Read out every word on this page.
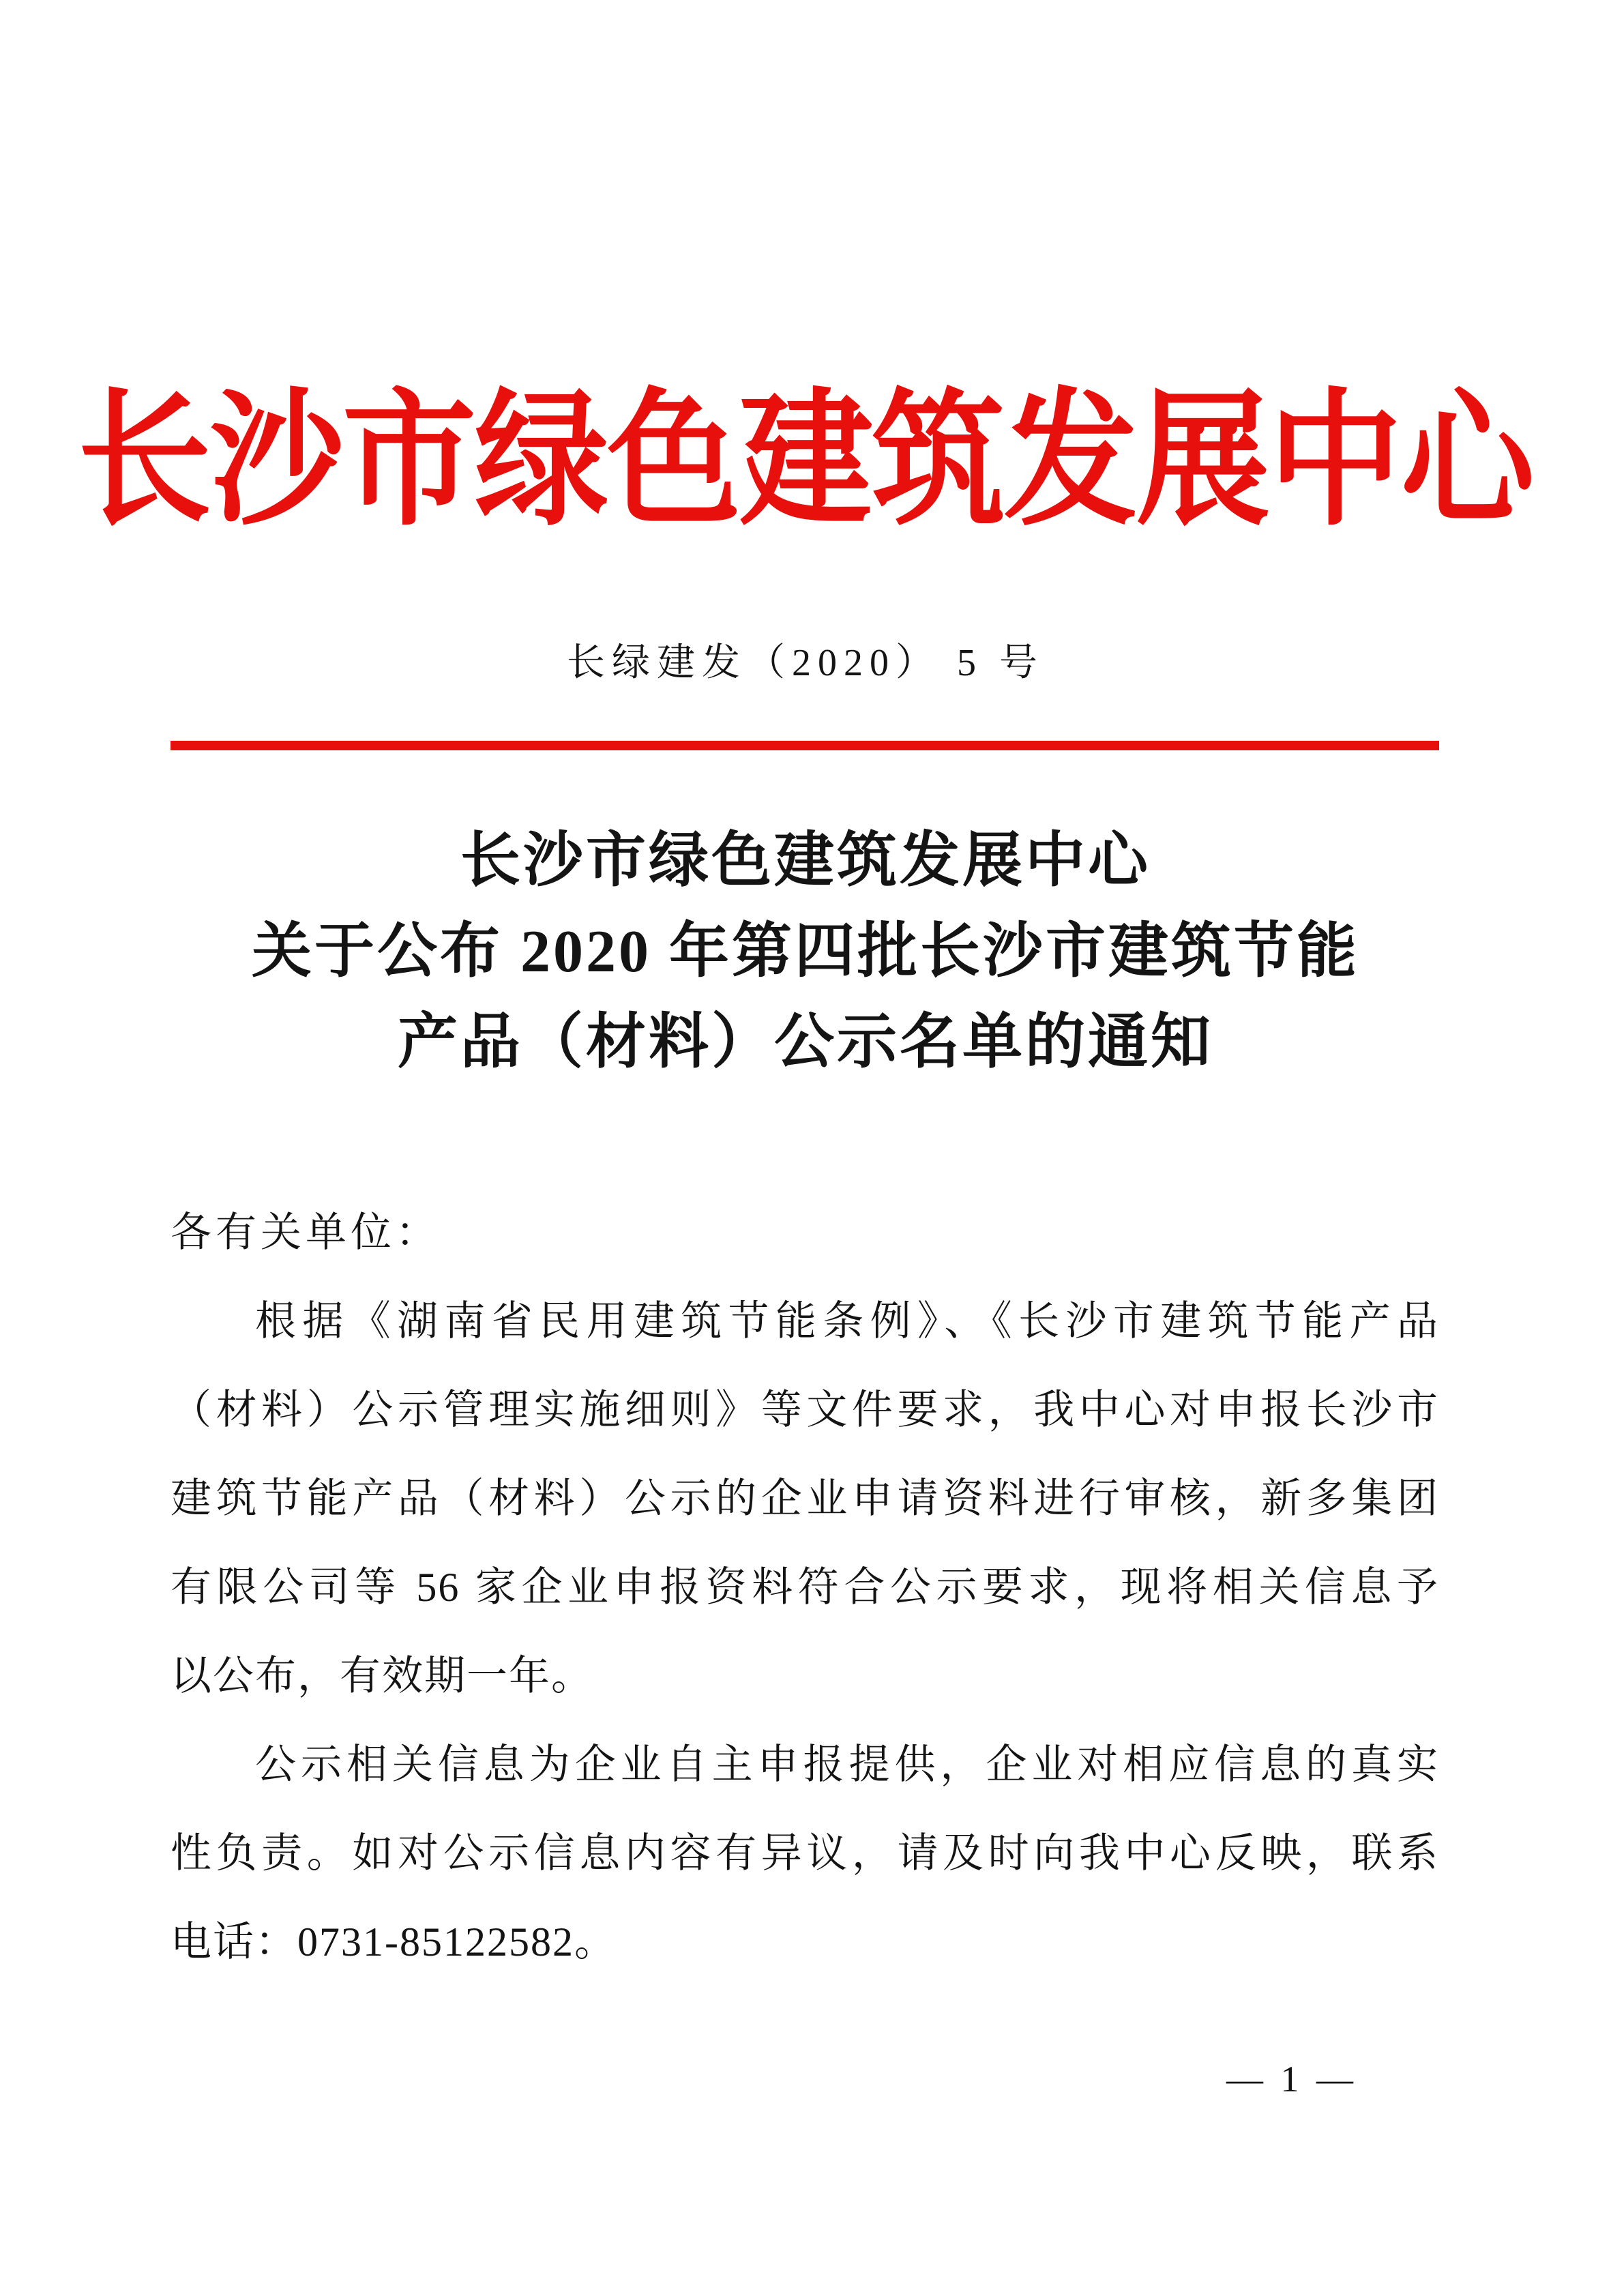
长沙市绿色建筑发展中心
长绿建发（2020） 5 号
长沙市绿色建筑发展中心
关于公布 2020 年第四批长沙市建筑节能
产品（材料）公示名单的通知

各有关单位：

根据《湖南省民用建筑节能条例》、《长沙市建筑节能产品
（材料）公示管理实施细则》等文件要求，我中心对申报长沙市
建筑节能产品（材料）公示的企业申请资料进行审核，新多集团
有限公司等 56 家企业申报资料符合公示要求，现将相关信息予
以公布，有效期一年。
公示相关信息为企业自主申报提供，企业对相应信息的真实
性负责。如对公示信息内容有异议，请及时向我中心反映，联系
电话：0731-85122582。
— 1 —
